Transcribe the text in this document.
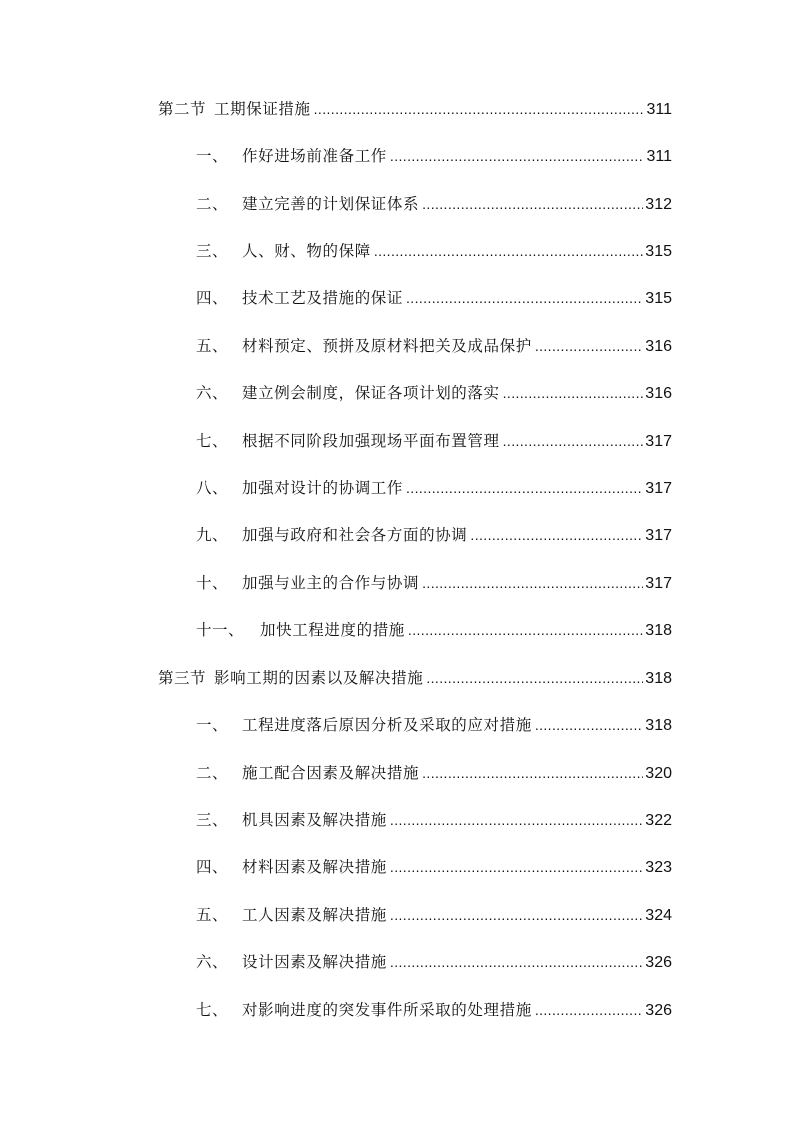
第二节 工期保证措施 .....	311
一、 作好进场前准备工作 .....	311
二、 建立完善的计划保证体系 .....	312
三、 人、财、物的保障 .....	315
四、 技术工艺及措施的保证 .....	315
五、 材料预定、预拼及原材料把关及成品保护 .....	316
六、 建立例会制度，保证各项计划的落实 .....	316
七、 根据不同阶段加强现场平面布置管理 .....	317
八、 加强对设计的协调工作 .....	317
九、 加强与政府和社会各方面的协调 .....	317
十、 加强与业主的合作与协调 .....	317
十一、	加快工程进度的措施 .....	318
第三节 影响工期的因素以及解决措施 .....	318
一、 工程进度落后原因分析及采取的应对措施 .....	318
二、 施工配合因素及解决措施 .....	320
三、 机具因素及解决措施 .....	322
四、 材料因素及解决措施 .....	323
五、 工人因素及解决措施 .....	324
六、 设计因素及解决措施 .....	326
七、 对影响进度的突发事件所采取的处理措施 .....	326
